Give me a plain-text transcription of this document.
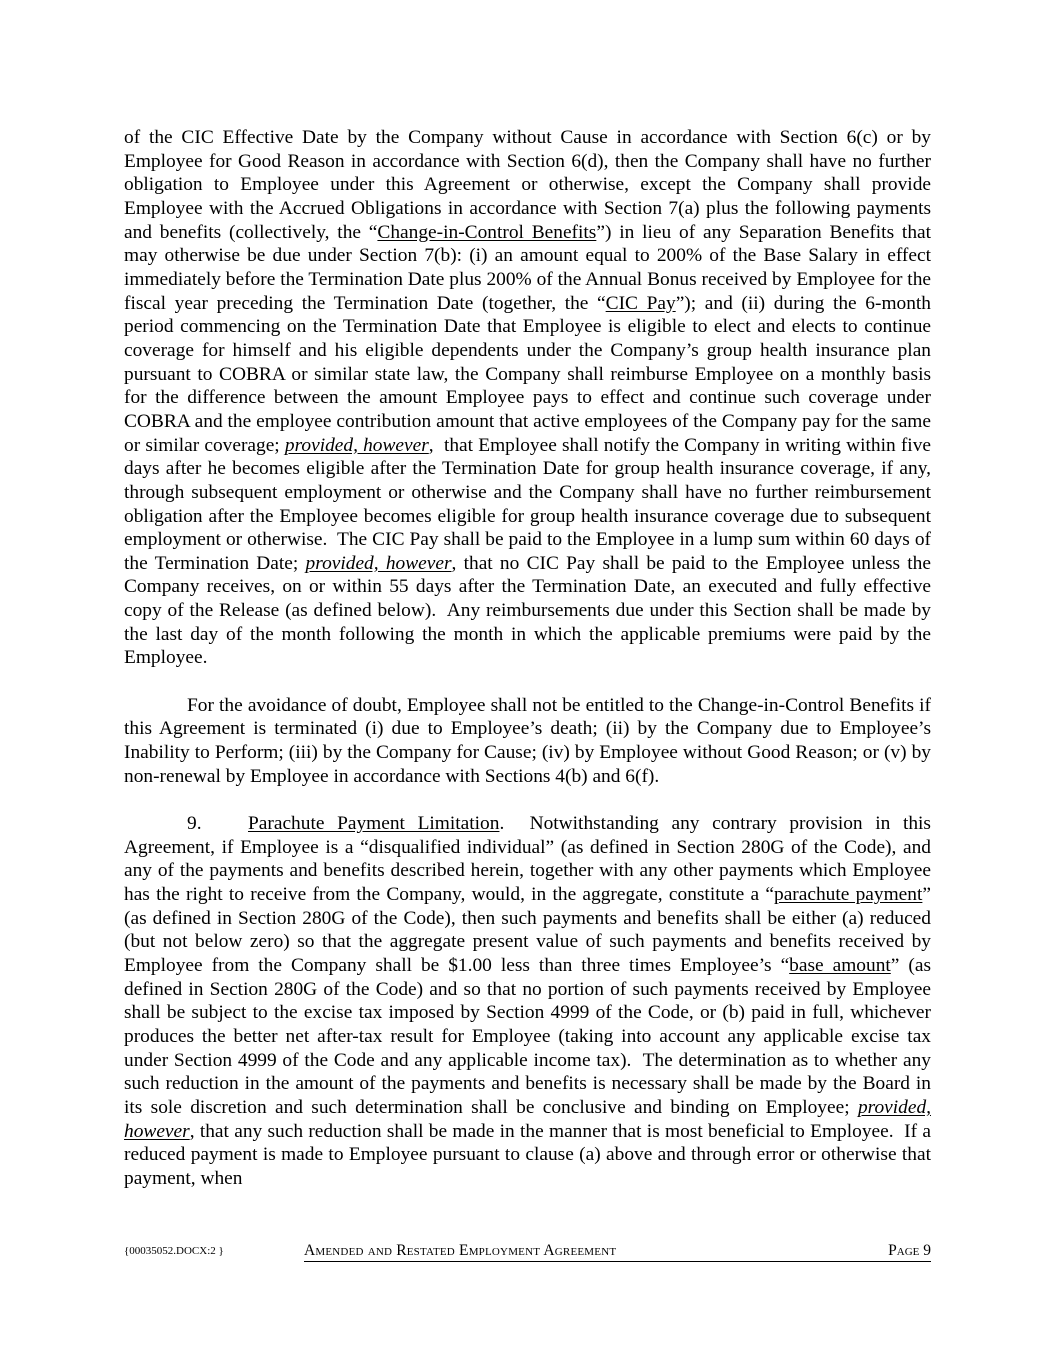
of the CIC Effective Date by the Company without Cause in accordance with Section 6(c) or by Employee for Good Reason in accordance with Section 6(d), then the Company shall have no further obligation to Employee under this Agreement or otherwise, except the Company shall provide Employee with the Accrued Obligations in accordance with Section 7(a) plus the following payments and benefits (collectively, the “Change-in-Control Benefits”) in lieu of any Separation Benefits that may otherwise be due under Section 7(b): (i) an amount equal to 200% of the Base Salary in effect immediately before the Termination Date plus 200% of the Annual Bonus received by Employee for the fiscal year preceding the Termination Date (together, the “CIC Pay”); and (ii) during the 6-month period commencing on the Termination Date that Employee is eligible to elect and elects to continue coverage for himself and his eligible dependents under the Company’s group health insurance plan pursuant to COBRA or similar state law, the Company shall reimburse Employee on a monthly basis for the difference between the amount Employee pays to effect and continue such coverage under COBRA and the employee contribution amount that active employees of the Company pay for the same or similar coverage; provided, however,  that Employee shall notify the Company in writing within five days after he becomes eligible after the Termination Date for group health insurance coverage, if any, through subsequent employment or otherwise and the Company shall have no further reimbursement obligation after the Employee becomes eligible for group health insurance coverage due to subsequent employment or otherwise.  The CIC Pay shall be paid to the Employee in a lump sum within 60 days of the Termination Date; provided, however, that no CIC Pay shall be paid to the Employee unless the Company receives, on or within 55 days after the Termination Date, an executed and fully effective copy of the Release (as defined below).  Any reimbursements due under this Section shall be made by the last day of the month following the month in which the applicable premiums were paid by the Employee.

For the avoidance of doubt, Employee shall not be entitled to the Change-in-Control Benefits if this Agreement is terminated (i) due to Employee’s death; (ii) by the Company due to Employee’s Inability to Perform; (iii) by the Company for Cause; (iv) by Employee without Good Reason; or (v) by non-renewal by Employee in accordance with Sections 4(b) and 6(f).

9. Parachute Payment Limitation.  Notwithstanding any contrary provision in this Agreement, if Employee is a “disqualified individual” (as defined in Section 280G of the Code), and any of the payments and benefits described herein, together with any other payments which Employee has the right to receive from the Company, would, in the aggregate, constitute a “parachute payment” (as defined in Section 280G of the Code), then such payments and benefits shall be either (a) reduced (but not below zero) so that the aggregate present value of such payments and benefits received by Employee from the Company shall be $1.00 less than three times Employee’s “base amount” (as defined in Section 280G of the Code) and so that no portion of such payments received by Employee shall be subject to the excise tax imposed by Section 4999 of the Code, or (b) paid in full, whichever produces the better net after-tax result for Employee (taking into account any applicable excise tax under Section 4999 of the Code and any applicable income tax).  The determination as to whether any such reduction in the amount of the payments and benefits is necessary shall be made by the Board in its sole discretion and such determination shall be conclusive and binding on Employee; provided, however, that any such reduction shall be made in the manner that is most beneficial to Employee.  If a reduced payment is made to Employee pursuant to clause (a) above and through error or otherwise that payment, when

{00035052.DOCX:2 }	Amended and Restated Employment Agreement	Page 9
